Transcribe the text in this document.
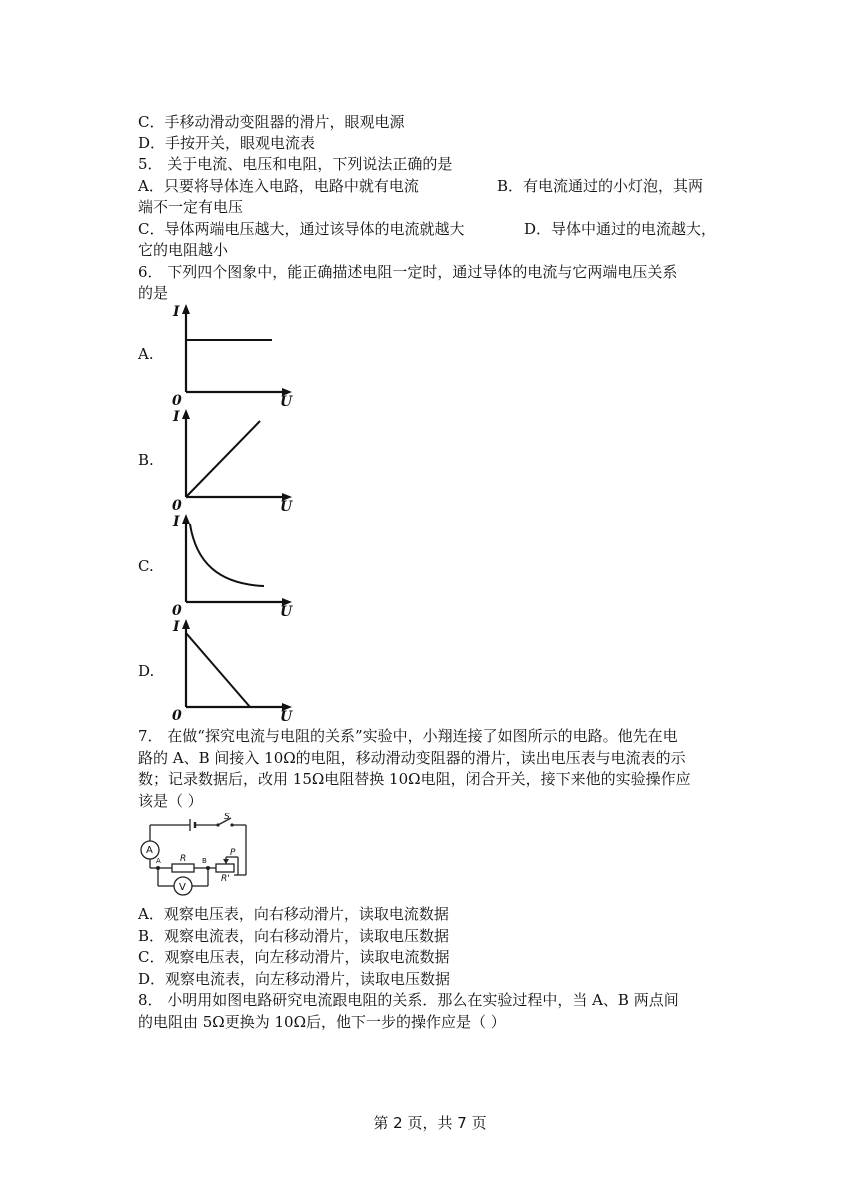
C．手移动滑动变阻器的滑片，眼观电源
D．手按开关，眼观电流表
5． 关于电流、电压和电阻，下列说法正确的是
A．只要将导体连入电路，电路中就有电流	B．有电流通过的小灯泡，其两
端不一定有电压
C．导体两端电压越大，通过该导体的电流就越大	D．导体中通过的电流越大，
它的电阻越小
6． 下列四个图象中，能正确描述电阻一定时，通过导体的电流与它两端电压关系
的是
A.
I
0	U
B.
I
0	U
C.
I
0	U
D.
I
0	U
7． 在做“探究电流与电阻的关系”实验中，小翔连接了如图所示的电路。他先在电
路的 A、B 间接入 10Ω的电阻，移动滑动变阻器的滑片，读出电压表与电流表的示
数；记录数据后，改用 15Ω电阻替换 10Ω电阻，闭合开关，接下来他的实验操作应
该是（ ）
A
V
R
R'
P
S
A	B
A．观察电压表，向右移动滑片，读取电流数据
B．观察电流表，向右移动滑片，读取电压数据
C．观察电压表，向左移动滑片，读取电流数据
D．观察电流表，向左移动滑片，读取电压数据
8． 小明用如图电路研究电流跟电阻的关系．那么在实验过程中，当 A、B 两点间
的电阻由 5Ω更换为 10Ω后，他下一步的操作应是（ ）
第 2 页，共 7 页
